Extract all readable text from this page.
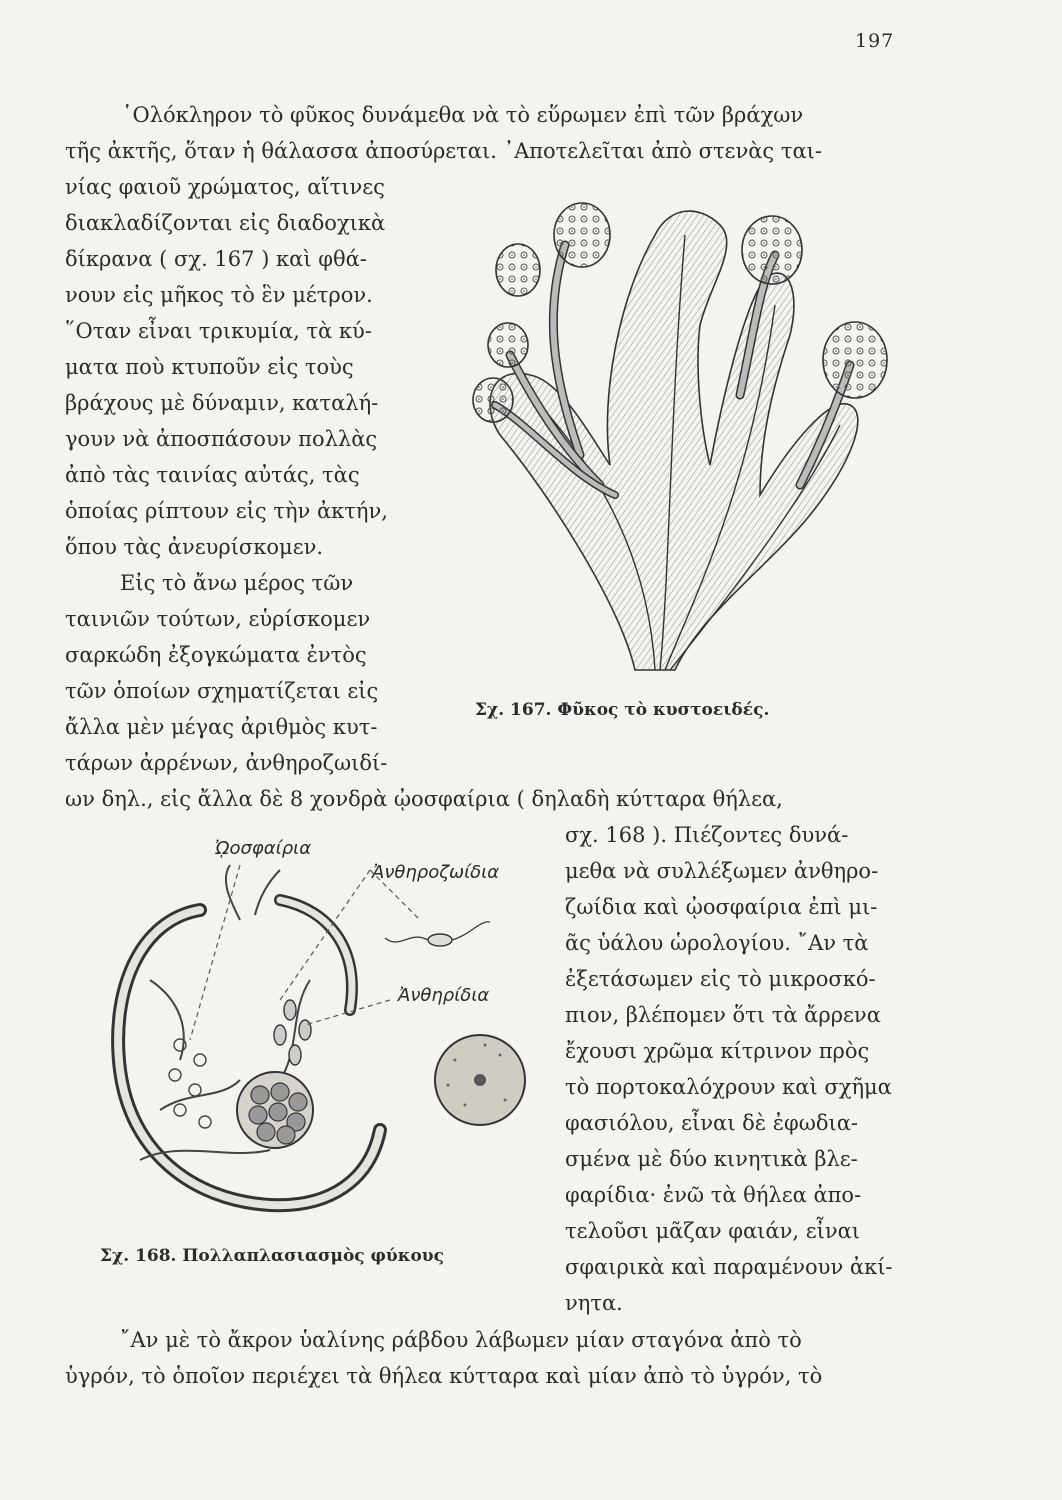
197
῾Ολόκληρον τὸ φῦκος δυνάμεθα νὰ τὸ εὕρωμεν ἐπὶ τῶν βράχων
τῆς ἀκτῆς, ὅταν ἡ θάλασσα ἀποσύρεται. ᾿Αποτελεῖται ἀπὸ στενὰς ται-
νίας φαιοῦ χρώματος, αἵτινες
διακλαδίζονται εἰς διαδοχικὰ
δίκρανα ( σχ. 167 ) καὶ φθά-
νουν εἰς μῆκος τὸ ἓν μέτρον.
῞Οταν εἶναι τρικυμία, τὰ κύ-
ματα ποὺ κτυποῦν εἰς τοὺς
βράχους μὲ δύναμιν, καταλή-
γουν νὰ ἀποσπάσουν πολλὰς
ἀπὸ τὰς ταινίας αὐτάς, τὰς
ὁποίας ρίπτουν εἰς τὴν ἀκτήν,
ὅπου τὰς ἀνευρίσκομεν.
Εἰς τὸ ἄνω μέρος τῶν
ταινιῶν τούτων, εὑρίσκομεν
σαρκώδη ἐξογκώματα ἐντὸς
τῶν ὁποίων σχηματίζεται εἰς
ἄλλα μὲν μέγας ἀριθμὸς κυτ-
τάρων ἀρρένων, ἀνθηροζωιδί-
ων δηλ., εἰς ἄλλα δὲ 8 χονδρὰ ᾠοσφαίρια ( δηλαδὴ κύτταρα θήλεα,
σχ. 168 ). Πιέζοντες δυνά-
μεθα νὰ συλλέξωμεν ἀνθηρο-
ζωίδια καὶ ᾠοσφαίρια ἐπὶ μι-
ᾶς ὑάλου ὡρολογίου. ῎Αν τὰ
ἐξετάσωμεν εἰς τὸ μικροσκό-
πιον, βλέπομεν ὅτι τὰ ἄρρενα
ἔχουσι χρῶμα κίτρινον πρὸς
τὸ πορτοκαλόχρουν καὶ σχῆμα
φασιόλου, εἶναι δὲ ἐφωδια-
σμένα μὲ δύο κινητικὰ βλε-
φαρίδια· ἐνῶ τὰ θήλεα ἀπο-
τελοῦσι μᾶζαν φαιάν, εἶναι
σφαιρικὰ καὶ παραμένουν ἀκί-
νητα.
῎Αν μὲ τὸ ἄκρον ὑαλίνης ράβδου λάβωμεν μίαν σταγόνα ἀπὸ τὸ
ὑγρόν, τὸ ὁποῖον περιέχει τὰ θήλεα κύτταρα καὶ μίαν ἀπὸ τὸ ὑγρόν, τὸ
Σχ. 167. Φῦκος τὸ κυστοειδές.
ᾨοσφαίρια
Ἀνθηροζωίδια
Ἀνθηρίδια
Σχ. 168. Πολλαπλασιασμὸς φύκους
